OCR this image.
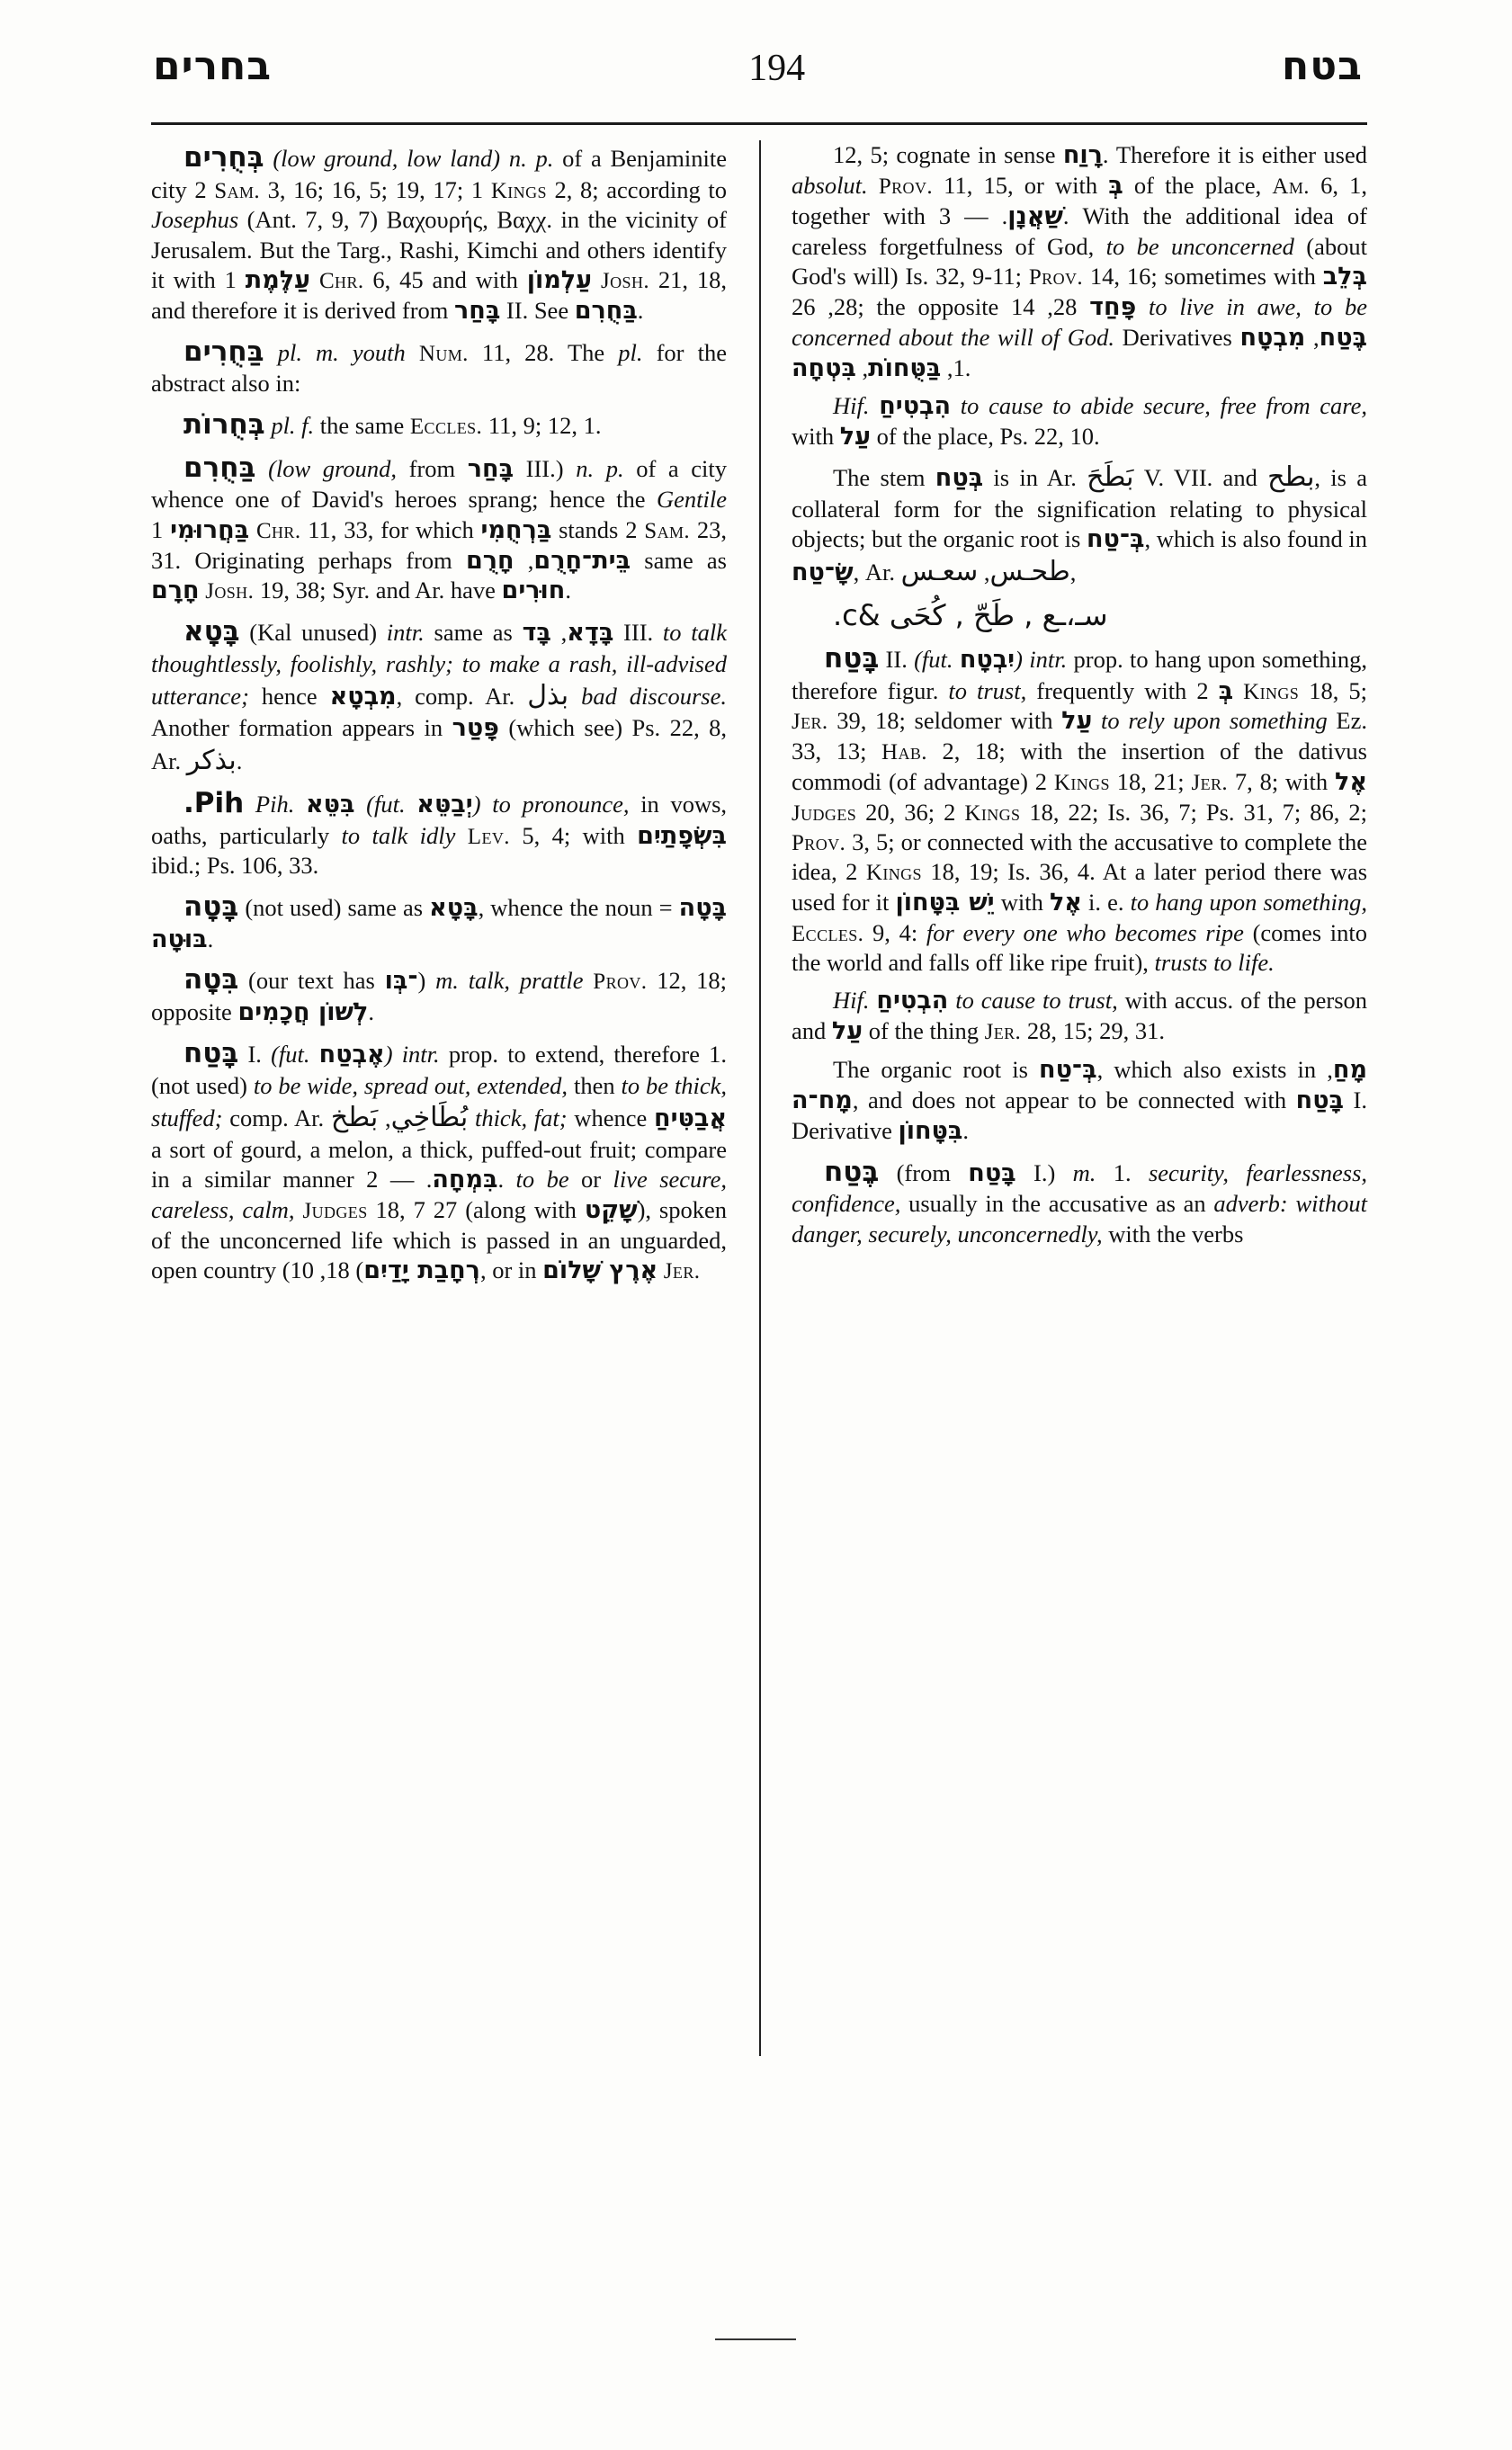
בחרים	194	בטח

בְּחֻרִים (low ground, low land) n. p. of a Benjaminite city 2 Sam. 3, 16; 16, 5; 19, 17; 1 Kings 2, 8; according to Josephus (Ant. 7, 9, 7) Βαχουρής, Βαχχ. in the vicinity of Jerusalem. But the Targ., Rashi, Kimchi and others identify it with עַלֶּמֶת 1 Chr. 6, 45 and with עַלְמוֹן Josh. 21, 18, and therefore it is derived from בָּחַר II. See בַּחֻרִם.

בַּחֻרִים pl. m. youth Num. 11, 28. The pl. for the abstract also in:

בְּחֻרוֹת pl. f. the same Eccles. 11, 9; 12, 1.

בַּחֻרִם (low ground, from בָּחַר III.) n. p. of a city whence one of David's heroes sprang; hence the Gentile בַּחֲרוּמִי 1 Chr. 11, 33, for which בַּרְחֻמִי stands 2 Sam. 23, 31. Originating perhaps from	בֵּית־חָרֻם, חָרֻם	same as חָרָם Josh. 19, 38; Syr. and Ar. have חוּרִים.

בָּטָא (Kal unused) intr. same as בָּדָא, בָּד	III. to talk thoughtlessly, foolishly, rashly; to make a rash, ill-advised utterance; hence מִבְטָא, comp. Ar. بذل bad discourse. Another formation appears in פָּטַר (which see) Ps. 22, 8, Ar. بذكر.

Pih. Pih. בִּטֵּא (fut. יְבַטֵּא) to pronounce, in vows, oaths, particularly to talk idly Lev. 5, 4; with בִּשְׂפָתַיִם ibid.; Ps. 106, 33.

בָּטָה (not used) same as בָּטָא, whence the noun בָּטָה = בּוּטָה.

בִּטָה (our text has ־בְּו) m. talk, prattle Prov. 12, 18; opposite לְשׁוֹן חֲכָמִים.

בָּטַח I. (fut. אֶבְטַח) intr. prop. to extend, therefore 1. (not used) to be wide, spread out, extended, then to be thick, stuffed; comp. Ar. بُطَاخِي, بَطخ	thick, fat; whence אֲבַטִּיחַ a sort of gourd, a melon, a thick, puffed-out fruit; compare in a similar manner	בִּמְחָה. — 2. to be or live secure, careless, calm, Judges 18, 7 27 (along with שָׁקֵט), spoken of the unconcerned life which is passed in an unguarded, open country (	רְחָבַת יָדַיִם) 18, 10, or in אֶרֶץ שָׁלוֹם Jer.

12, 5; cognate in sense רָוַח. Therefore it is either used absolut. Prov. 11, 15, or with בְּ of the place, Am. 6, 1, together with	שַׁאֲנָן. — 3. With the additional idea of careless forgetfulness of God, to be unconcerned (about God's will) Is. 32, 9-11; Prov. 14, 16; sometimes with בְּלֵב 28, 26; the opposite	פָּחַד 28, 14 to live in awe, to be concerned about the will of God. Derivatives	בֶּטַח, מִבְטָח 1, בַּטֻּחוֹת, בִּטְחָה	.

Hif. הִבְטִיחַ to cause to abide secure, free from care, with עַל of the place, Ps. 22, 10.

The stem בְּטַח is in Ar. بَطَحَ V. VII. and بطح, is a collateral form for the signification relating to physical objects; but the organic root is בְּ־טַח, which is also found in שָׂ־טַח, Ar.	طحـس, سعـس	,

سـ،ـع , طَحّ , كُحَى &c.

בָּטַח II. (fut. יִבְטָח) intr. prop. to hang upon something, therefore figur. to trust, frequently with בְּ 2 Kings 18, 5; Jer. 39, 18; seldomer with עַל to rely upon something Ez. 33, 13; Hab. 2, 18; with the insertion of the dativus commodi (of advantage) 2 Kings 18, 21; Jer. 7, 8; with אֶל Judges 20, 36; 2 Kings 18, 22; Is. 36, 7; Ps. 31, 7; 86, 2; Prov. 3, 5; or connected with the accusative to complete the idea, 2 Kings 18, 19; Is. 36, 4. At a later period there was used for it יֵשׁ בִּטָּחוֹן with אֶל i. e. to hang upon something, Eccles. 9, 4: for every one who becomes ripe (comes into the world and falls off like ripe fruit), trusts to life.

Hif. הִבְטִיחַ to cause to trust, with accus. of the person and עַל of the thing Jer. 28, 15; 29, 31.

The organic root is בְּ־טַח, which also exists in מָחַ, מָח־ה, and does not appear to be connected with בָּטַח I. Derivative בִּטָּחוֹן.

בֶּטַח (from בָּטַח I.) m. 1. security, fearlessness, confidence, usually in the accusative as an adverb: without danger, securely, unconcernedly, with the verbs
